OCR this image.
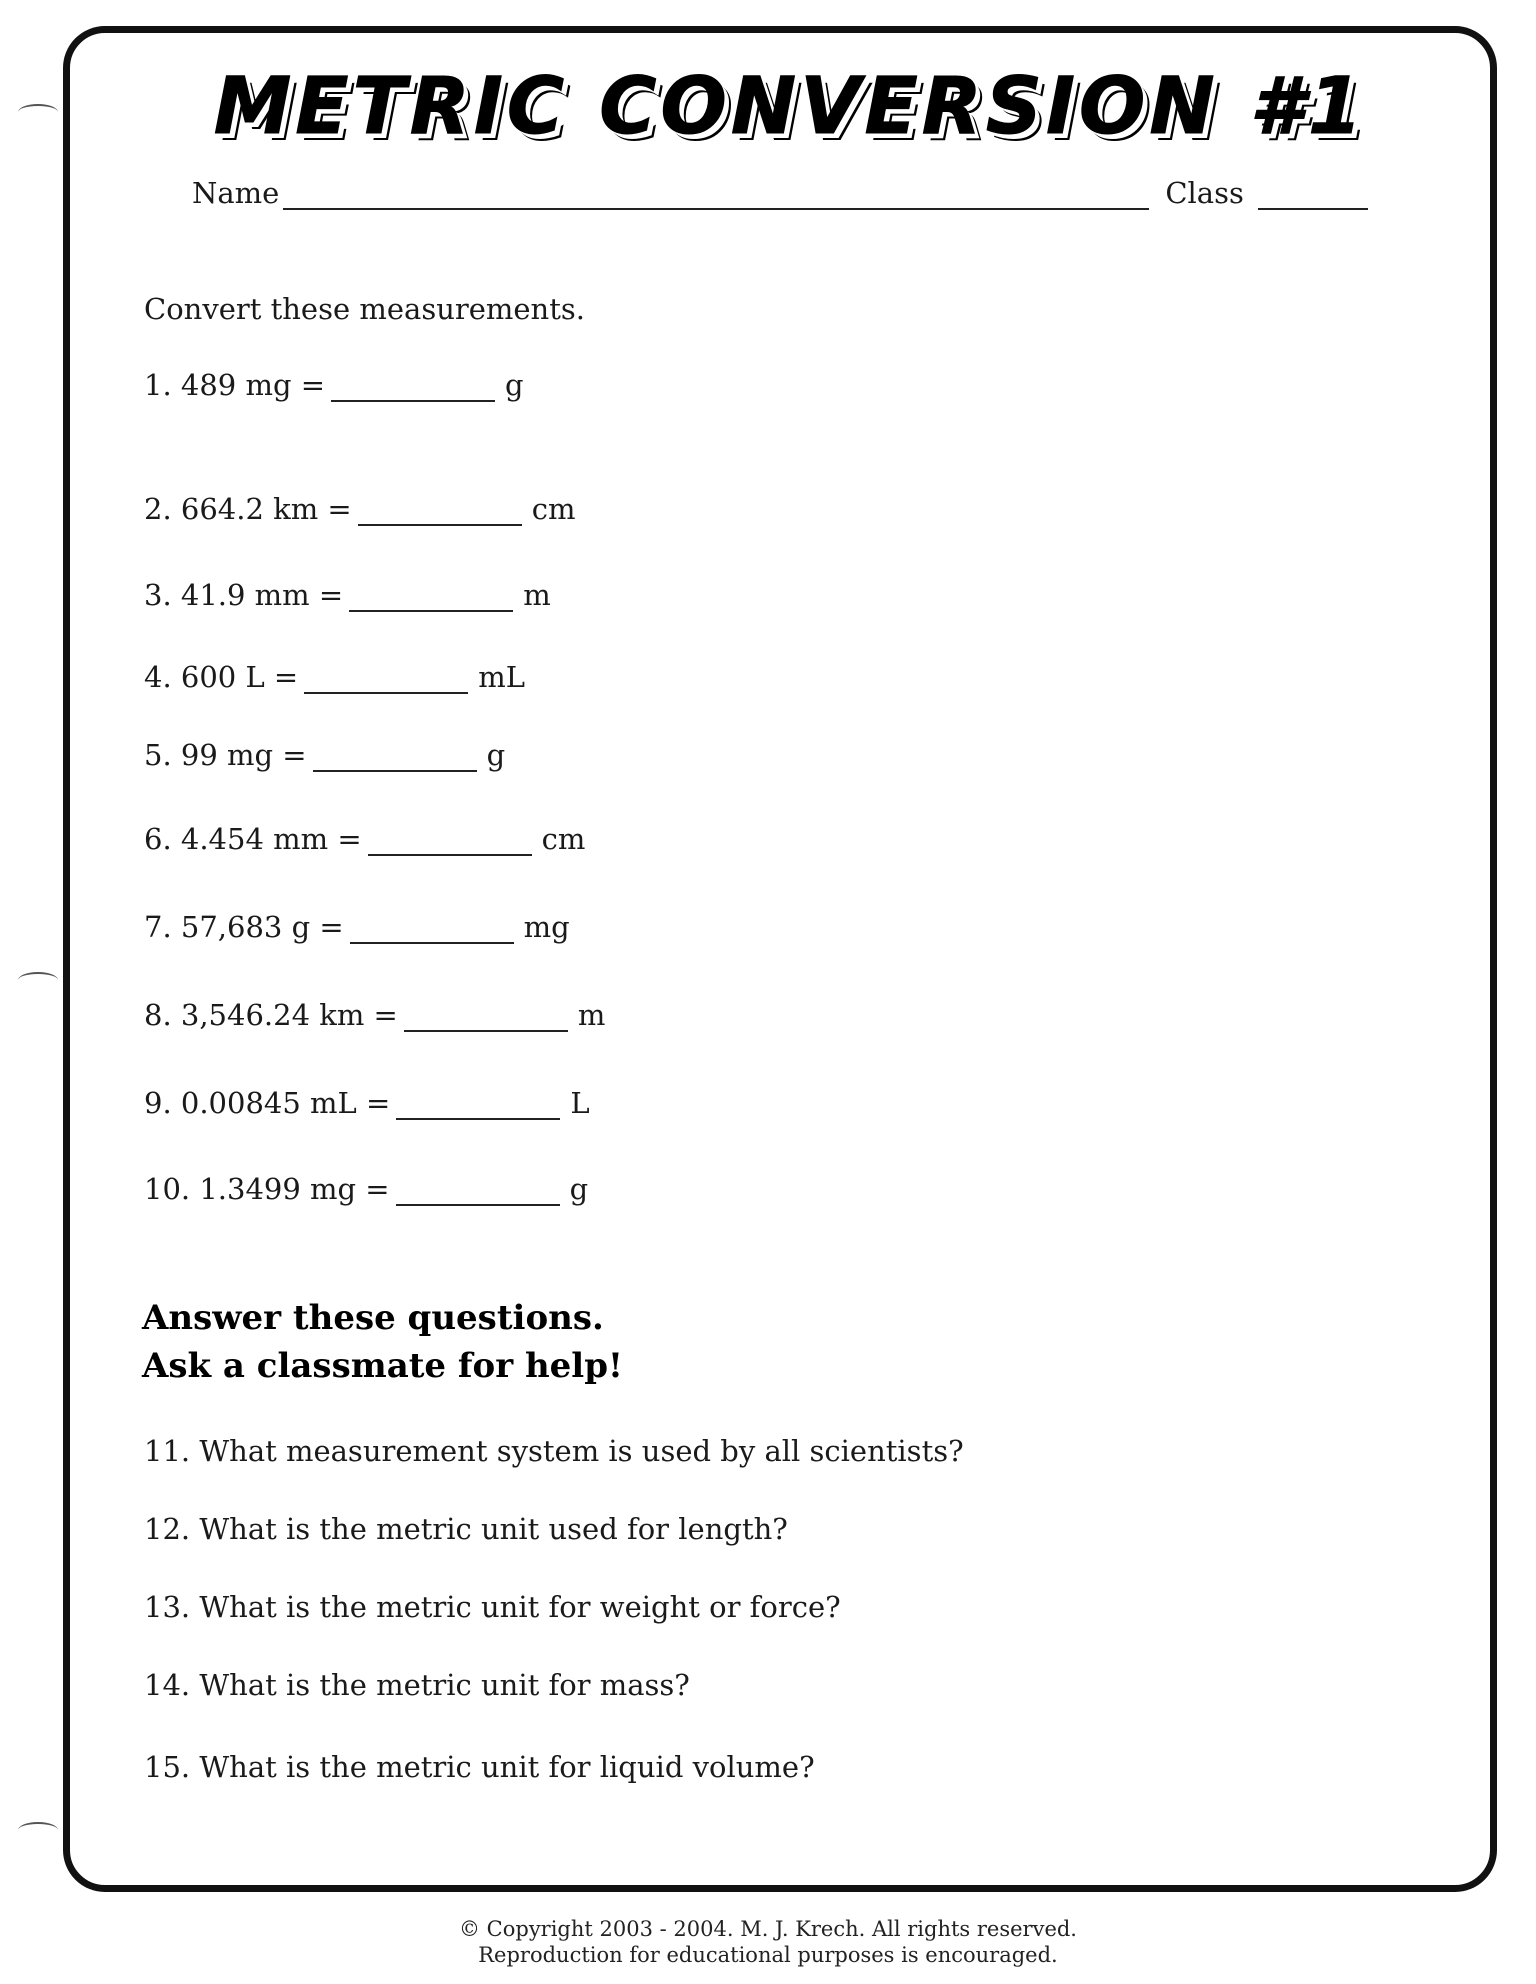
METRIC CONVERSION #1
Name	Class
Convert these measurements.
1. 489 mg =	g
2. 664.2 km =	cm
3. 41.9 mm =	m
4. 600 L =	mL
5. 99 mg =	g
6. 4.454 mm =	cm
7. 57,683 g =	mg
8. 3,546.24 km =	m
9. 0.00845 mL =	L
10. 1.3499 mg =	g
Answer these questions.
Ask a classmate for help!
11. What measurement system is used by all scientists?
12. What is the metric unit used for length?
13. What is the metric unit for weight or force?
14. What is the metric unit for mass?
15. What is the metric unit for liquid volume?
© Copyright 2003 - 2004. M. J. Krech. All rights reserved.
Reproduction for educational purposes is encouraged.
